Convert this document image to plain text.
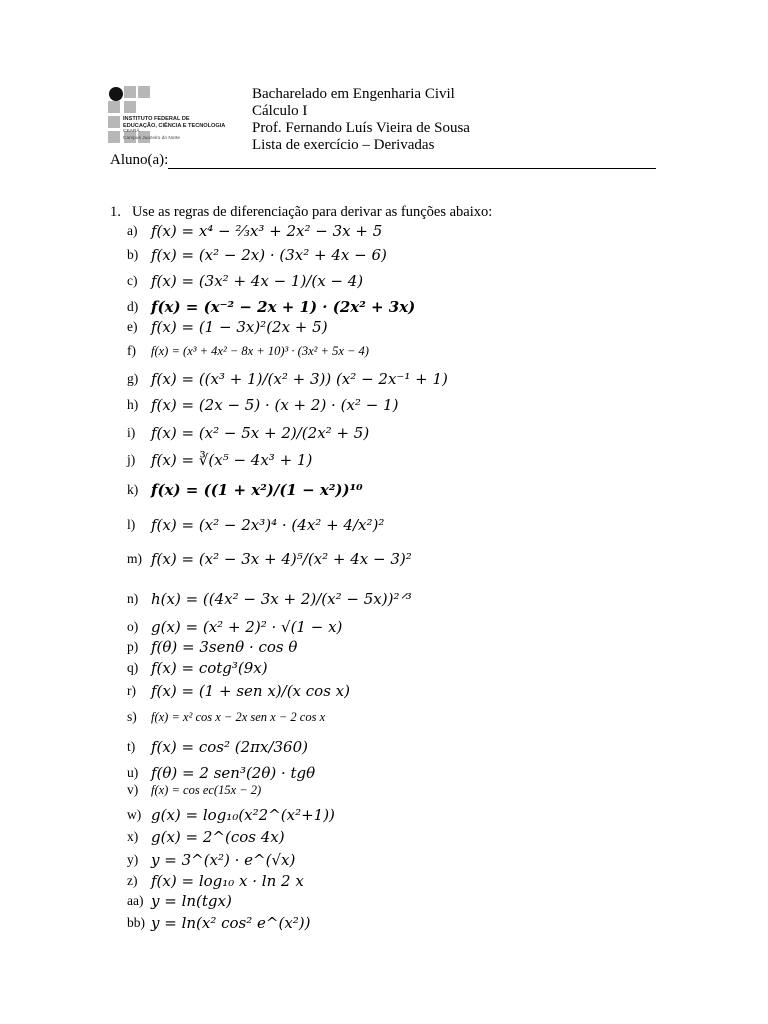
INSTITUTO FEDERAL DE
EDUCAÇÃO, CIÊNCIA E TECNOLOGIA
CEARÁ
Campus Juazeiro do Norte
Bacharelado em Engenharia Civil
Cálculo I
Prof. Fernando Luís Vieira de Sousa
Lista de exercício – Derivadas
Aluno(a):
1. Use as regras de diferenciação para derivar as funções abaixo:
a) f(x) = x⁴ − ²⁄₃x³ + 2x² − 3x + 5
b) f(x) = (x² − 2x) · (3x² + 4x − 6)
c) f(x) = (3x² + 4x − 1)/(x − 4)
d) f(x) = (x⁻² − 2x + 1) · (2x² + 3x)
e) f(x) = (1 − 3x)²(2x + 5)
f)	f(x) = (x³ + 4x² − 8x + 10)³ · (3x² + 5x − 4)
g) f(x) = ((x³ + 1)/(x² + 3)) (x² − 2x⁻¹ + 1)
h) f(x) = (2x − 5) · (x + 2) · (x² − 1)
i)	f(x) = (x² − 5x + 2)/(2x² + 5)
j)	f(x) = ∛(x⁵ − 4x³ + 1)
k) f(x) = ((1 + x²)/(1 − x²))¹⁰
l)	f(x) = (x² − 2x³)⁴ · (4x² + 4/x²)²
m) f(x) = (x² − 3x + 4)⁵/(x² + 4x − 3)²
n) h(x) = ((4x² − 3x + 2)/(x² − 5x))²ᐟ³
o) g(x) = (x² + 2)² · √(1 − x)
p) f(θ) = 3senθ · cos θ
q) f(x) = cotg³(9x)
r)	f(x) = (1 + sen x)/(x cos x)
s)	f(x) = x² cos x − 2x sen x − 2 cos x
t)	f(x) = cos² (2πx/360)
u) f(θ) = 2 sen³(2θ) · tgθ
v)	f(x) = cos ec(15x − 2)
w) g(x) = log₁₀(x²2^(x²+1))
x) g(x) = 2^(cos 4x)
y) y = 3^(x²) · e^(√x)
z) f(x) = log₁₀ x · ln 2 x
aa) y = ln(tgx)
bb) y = ln(x² cos² e^(x²))
